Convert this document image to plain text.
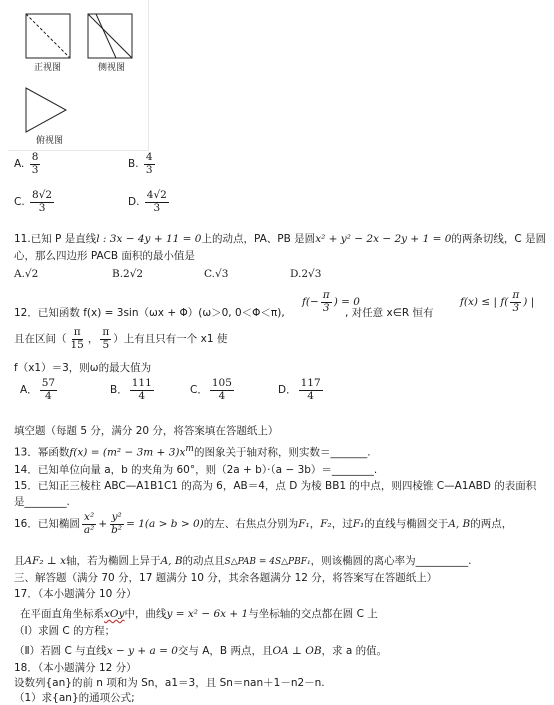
正视图	侧视图
俯视图
A. $\frac{8}{3}$	B. $\frac{4}{3}$
C. $\frac{8√2}{3}$	D. $\frac{4√2}{3}$
11.已知 P 是直线l : 3x − 4y + 11 = 0上的动点，PA、PB 是圆x² + y² − 2x − 2y + 1 = 0的两条切线，C 是圆
心，那么四边形 PACB 面积的最小值是
A.√2	B.2√2	C.√3	D.2√3
$f(- \frac{\pi}{3}$ ) = 0	f(x) ≤ | $f( \frac{\pi}{3}$ ) |
12．已知函数 f(x) = 3sin（ωx + Φ）(ω＞0, 0＜Φ＜π),	, 对任意 x∈R 恒有
且在区间（ $\frac{\pi}{15}$ ， $\frac{\pi}{5}$ ）上有且只有一个 x1 使
f（x1）＝3，则ω的最大值为
A． $\frac{57}{4}$	B． $\frac{111}{4}$	C． $\frac{105}{4}$	D． $\frac{117}{4}$
填空题（每题 5 分，满分 20 分，将答案填在答题纸上）
13．幂函数$f(x) = (m^2 - 3m + 3)x^m$的图象关于轴对称，则实数＝_______.
14．已知单位向量 a，b 的夹角为 60°，则（2a + b）·（a − 3b）＝________.
15．已知正三棱柱 ABC—A1B1C1 的高为 6，AB＝4，点 D 为棱 BB1 的中点，则四棱锥 C—A1ABD 的表面积
是________.
16．已知椭圆 $\frac{\text{x²}}{\text{a²}} + \frac{\text{y²}}{\text{b²}} = 1(a > b > 0)$的左、右焦点分别为F₁，F₂，过F₁的直线与椭圆交于A, B的两点，
且AF₂ ⊥ x轴，若为椭圆上异于A, B的动点且S△PAB = 4S△PBF₁，则该椭圆的离心率为__________.
三、解答题（满分 70 分，17 题满分 10 分，其余各题满分 12 分，将答案写在答题纸上）
17．（本小题满分 10 分）
在平面直角坐标系xOy中，曲线y = x² − 6x + 1与坐标轴的交点都在圆 C 上
（Ⅰ）求圆 C 的方程；
（Ⅱ）若圆 C 与直线x − y + a = 0交与 A，B 两点，且OA ⊥ OB，求 a 的值。
18．（本小题满分 12 分）
设数列{an}的前 n 项和为 Sn，a1＝3，且 Sn＝nan＋1－n2－n.
（1）求{an}的通项公式;
